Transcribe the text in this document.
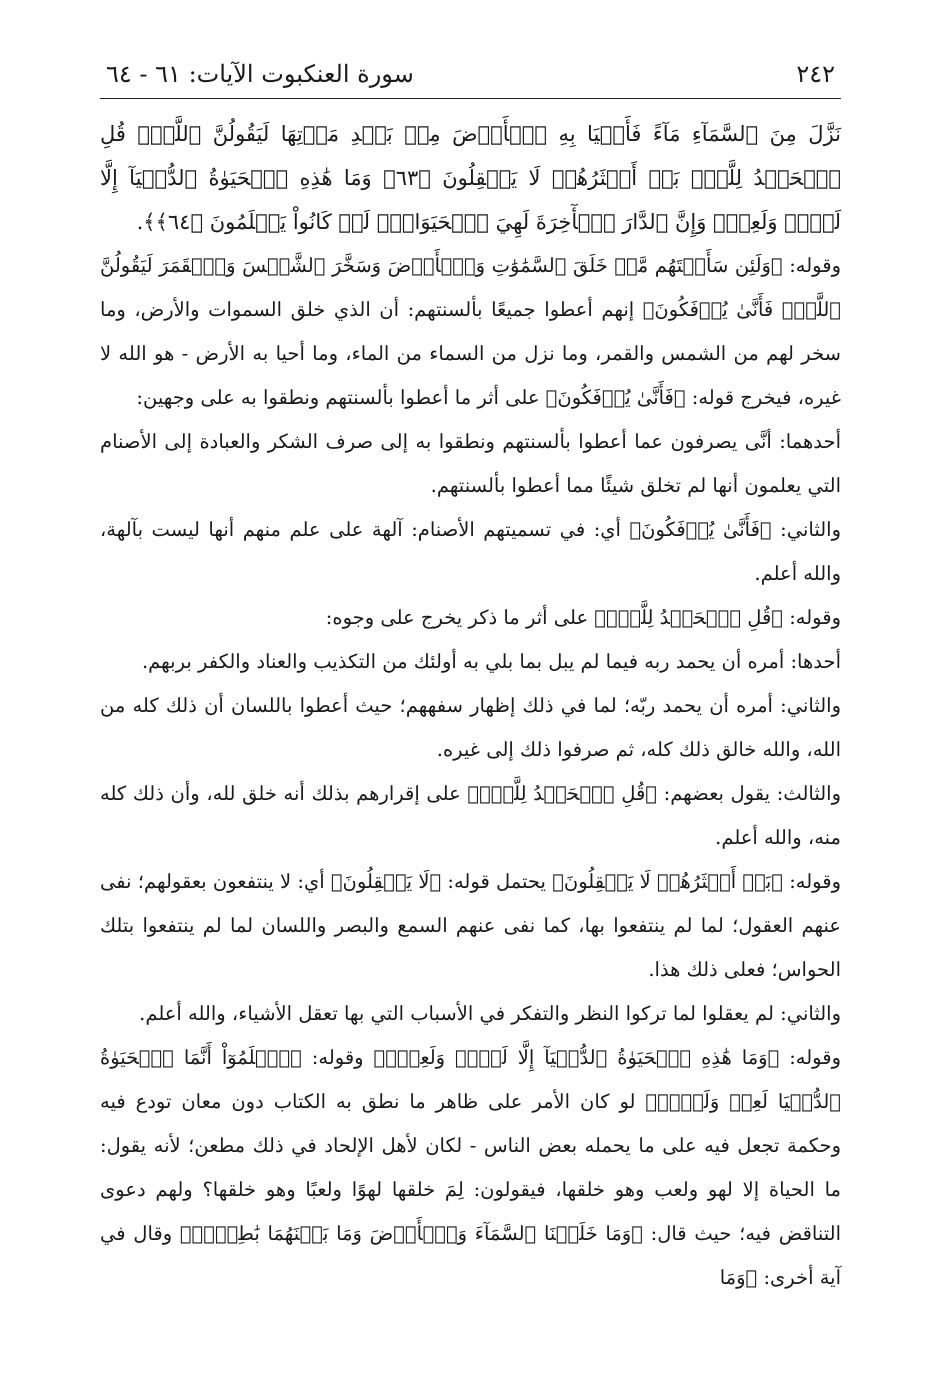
٢٤٢
سورة العنكبوت الآيات: ٦١ - ٦٤

نَزَّلَ مِنَ ٱلسَّمَآءِ مَآءً فَأَحۡيَا بِهِ ٱلۡأَرۡضَ مِنۢ بَعۡدِ مَوۡتِهَا لَيَقُولُنَّ ٱللَّهُۚ قُلِ ٱلۡحَمۡدُ لِلَّهِۚ بَلۡ أَكۡثَرُهُمۡ لَا يَعۡقِلُونَ ﴿٦٣﴾ وَمَا هَٰذِهِ ٱلۡحَيَوٰةُ ٱلدُّنۡيَآ إِلَّا لَهۡوٞ وَلَعِبٞۚ وَإِنَّ ٱلدَّارَ ٱلۡأٓخِرَةَ لَهِيَ ٱلۡحَيَوَانُۚ لَوۡ كَانُواْ يَعۡلَمُونَ ﴿٦٤﴾﴾.

وقوله: ﴿وَلَئِن سَأَلۡتَهُم مَّنۡ خَلَقَ ٱلسَّمَٰوَٰتِ وَٱلۡأَرۡضَ وَسَخَّرَ ٱلشَّمۡسَ وَٱلۡقَمَرَ لَيَقُولُنَّ ٱللَّهُۖ فَأَنَّىٰ يُؤۡفَكُونَ﴾ إنهم أعطوا جميعًا بألسنتهم: أن الذي خلق السموات والأرض، وما سخر لهم من الشمس والقمر، وما نزل من السماء من الماء، وما أحيا به الأرض - هو الله لا غيره، فيخرج قوله: ﴿فَأَنَّىٰ يُؤۡفَكُونَ﴾ على أثر ما أعطوا بألسنتهم ونطقوا به على وجهين:

أحدهما: أنَّى يصرفون عما أعطوا بألسنتهم ونطقوا به إلى صرف الشكر والعبادة إلى الأصنام التي يعلمون أنها لم تخلق شيئًا مما أعطوا بألسنتهم.

والثاني: ﴿فَأَنَّىٰ يُؤۡفَكُونَ﴾ أي: في تسميتهم الأصنام: آلهة على علم منهم أنها ليست بآلهة، والله أعلم.

وقوله: ﴿قُلِ ٱلۡحَمۡدُ لِلَّهِۚ﴾ على أثر ما ذكر يخرج على وجوه:

أحدها: أمره أن يحمد ربه فيما لم يبل بما بلي به أولئك من التكذيب والعناد والكفر بربهم.

والثاني: أمره أن يحمد ربّه؛ لما في ذلك إظهار سفههم؛ حيث أعطوا باللسان أن ذلك كله من الله، والله خالق ذلك كله، ثم صرفوا ذلك إلى غيره.

والثالث: يقول بعضهم: ﴿قُلِ ٱلۡحَمۡدُ لِلَّهِۚ﴾ على إقرارهم بذلك أنه خلق لله، وأن ذلك كله منه، والله أعلم.

وقوله: ﴿بَلۡ أَكۡثَرُهُمۡ لَا يَعۡقِلُونَ﴾ يحتمل قوله: ﴿لَا يَعۡقِلُونَ﴾ أي: لا ينتفعون بعقولهم؛ نفى عنهم العقول؛ لما لم ينتفعوا بها، كما نفى عنهم السمع والبصر واللسان لما لم ينتفعوا بتلك الحواس؛ فعلى ذلك هذا.

والثاني: لم يعقلوا لما تركوا النظر والتفكر في الأسباب التي بها تعقل الأشياء، والله أعلم.

وقوله: ﴿وَمَا هَٰذِهِ ٱلۡحَيَوٰةُ ٱلدُّنۡيَآ إِلَّا لَهۡوٞ وَلَعِبٞۚ﴾ وقوله: ﴿ٱعۡلَمُوٓاْ أَنَّمَا ٱلۡحَيَوٰةُ ٱلدُّنۡيَا لَعِبٞ وَلَهۡوٞ﴾ لو كان الأمر على ظاهر ما نطق به الكتاب دون معان تودع فيه وحكمة تجعل فيه على ما يحمله بعض الناس - لكان لأهل الإلحاد في ذلك مطعن؛ لأنه يقول: ما الحياة إلا لهو ولعب وهو خلقها، فيقولون: لِمَ خلقها لهوًا ولعبًا وهو خلقها؟ ولهم دعوى التناقض فيه؛ حيث قال: ﴿وَمَا خَلَقۡنَا ٱلسَّمَآءَ وَٱلۡأَرۡضَ وَمَا بَيۡنَهُمَا بَٰطِلٗاۚ﴾ وقال في آية أخرى: ﴿وَمَا
